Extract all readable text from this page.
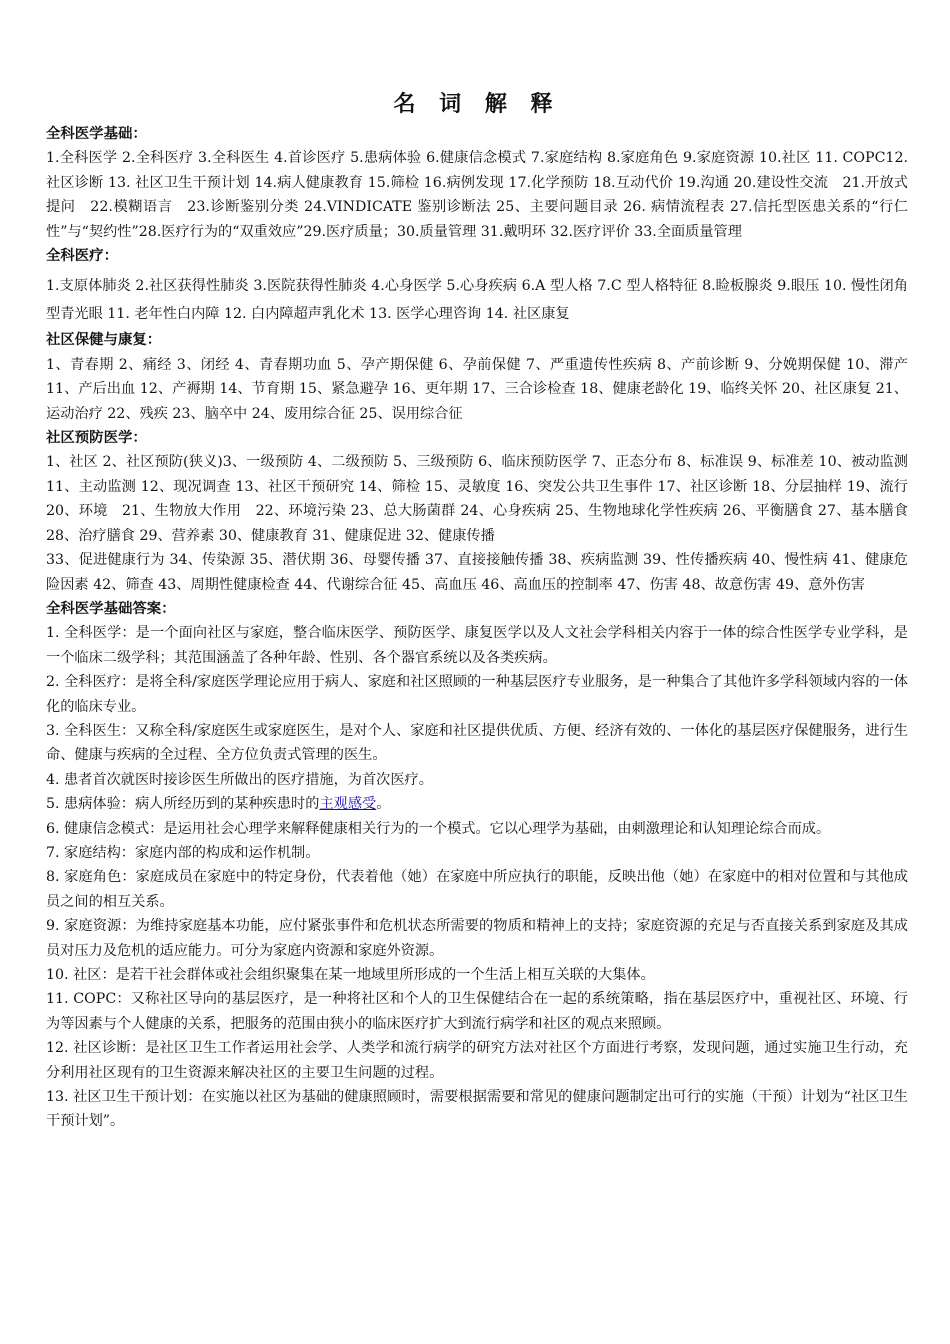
名 词 解 释
全科医学基础：

1.全科医学 2.全科医疗 3.全科医生 4.首诊医疗 5.患病体验 6.健康信念模式 7.家庭结构 8.家庭角色 9.家庭资源 10.社区 11. COPC12. 社区诊断 13. 社区卫生干预计划 14.病人健康教育 15.筛检 16.病例发现 17.化学预防 18.互动代价 19.沟通 20.建设性交流　21.开放式提问　22.模糊语言　23.诊断鉴别分类 24.VINDICATE 鉴别诊断法 25、主要问题目录 26. 病情流程表 27.信托型医患关系的“行仁性”与“契约性”28.医疗行为的“双重效应”29.医疗质量；30.质量管理 31.戴明环 32.医疗评价 33.全面质量管理

全科医疗：

1.支原体肺炎 2.社区获得性肺炎 3.医院获得性肺炎 4.心身医学 5.心身疾病 6.A 型人格 7.C 型人格特征 8.睑板腺炎 9.眼压 10. 慢性闭角型青光眼 11. 老年性白内障 12. 白内障超声乳化术 13. 医学心理咨询 14. 社区康复

社区保健与康复：

1、青春期 2、痛经 3、闭经 4、青春期功血 5、孕产期保健 6、孕前保健 7、严重遗传性疾病 8、产前诊断 9、分娩期保健 10、滞产 11、产后出血 12、产褥期 14、节育期 15、紧急避孕 16、更年期 17、三合诊检查 18、健康老龄化 19、临终关怀 20、社区康复 21、运动治疗 22、残疾 23、脑卒中 24、废用综合征 25、误用综合征

社区预防医学：

1、社区 2、社区预防(狭义)3、一级预防 4、二级预防 5、三级预防 6、临床预防医学 7、正态分布 8、标准误 9、标准差 10、被动监测 11、主动监测 12、现况调查 13、社区干预研究 14、筛检 15、灵敏度 16、突发公共卫生事件 17、社区诊断 18、分层抽样 19、流行 20、环境　21、生物放大作用　22、环境污染 23、总大肠菌群 24、心身疾病 25、生物地球化学性疾病 26、平衡膳食 27、基本膳食　28、治疗膳食 29、营养素 30、健康教育 31、健康促进 32、健康传播

33、促进健康行为 34、传染源 35、潜伏期 36、母婴传播 37、直接接触传播 38、疾病监测 39、性传播疾病 40、慢性病 41、健康危险因素 42、筛查 43、周期性健康检查 44、代谢综合征 45、高血压 46、高血压的控制率 47、伤害 48、故意伤害 49、意外伤害

全科医学基础答案：

1. 全科医学：是一个面向社区与家庭，整合临床医学、预防医学、康复医学以及人文社会学科相关内容于一体的综合性医学专业学科，是一个临床二级学科；其范围涵盖了各种年龄、性别、各个器官系统以及各类疾病。

2. 全科医疗：是将全科/家庭医学理论应用于病人、家庭和社区照顾的一种基层医疗专业服务，是一种集合了其他许多学科领域内容的一体化的临床专业。

3. 全科医生：又称全科/家庭医生或家庭医生，是对个人、家庭和社区提供优质、方便、经济有效的、一体化的基层医疗保健服务，进行生命、健康与疾病的全过程、全方位负责式管理的医生。

4. 患者首次就医时接诊医生所做出的医疗措施，为首次医疗。

5. 患病体验：病人所经历到的某种疾患时的主观感受。

6. 健康信念模式：是运用社会心理学来解释健康相关行为的一个模式。它以心理学为基础，由刺激理论和认知理论综合而成。

7. 家庭结构：家庭内部的构成和运作机制。

8. 家庭角色：家庭成员在家庭中的特定身份，代表着他（她）在家庭中所应执行的职能，反映出他（她）在家庭中的相对位置和与其他成员之间的相互关系。

9. 家庭资源：为维持家庭基本功能，应付紧张事件和危机状态所需要的物质和精神上的支持；家庭资源的充足与否直接关系到家庭及其成员对压力及危机的适应能力。可分为家庭内资源和家庭外资源。

10. 社区：是若干社会群体或社会组织聚集在某一地域里所形成的一个生活上相互关联的大集体。

11. COPC：又称社区导向的基层医疗，是一种将社区和个人的卫生保健结合在一起的系统策略，指在基层医疗中，重视社区、环境、行为等因素与个人健康的关系，把服务的范围由狭小的临床医疗扩大到流行病学和社区的观点来照顾。

12. 社区诊断：是社区卫生工作者运用社会学、人类学和流行病学的研究方法对社区个方面进行考察，发现问题，通过实施卫生行动，充分利用社区现有的卫生资源来解决社区的主要卫生问题的过程。

13. 社区卫生干预计划：在实施以社区为基础的健康照顾时，需要根据需要和常见的健康问题制定出可行的实施（干预）计划为“社区卫生干预计划”。
